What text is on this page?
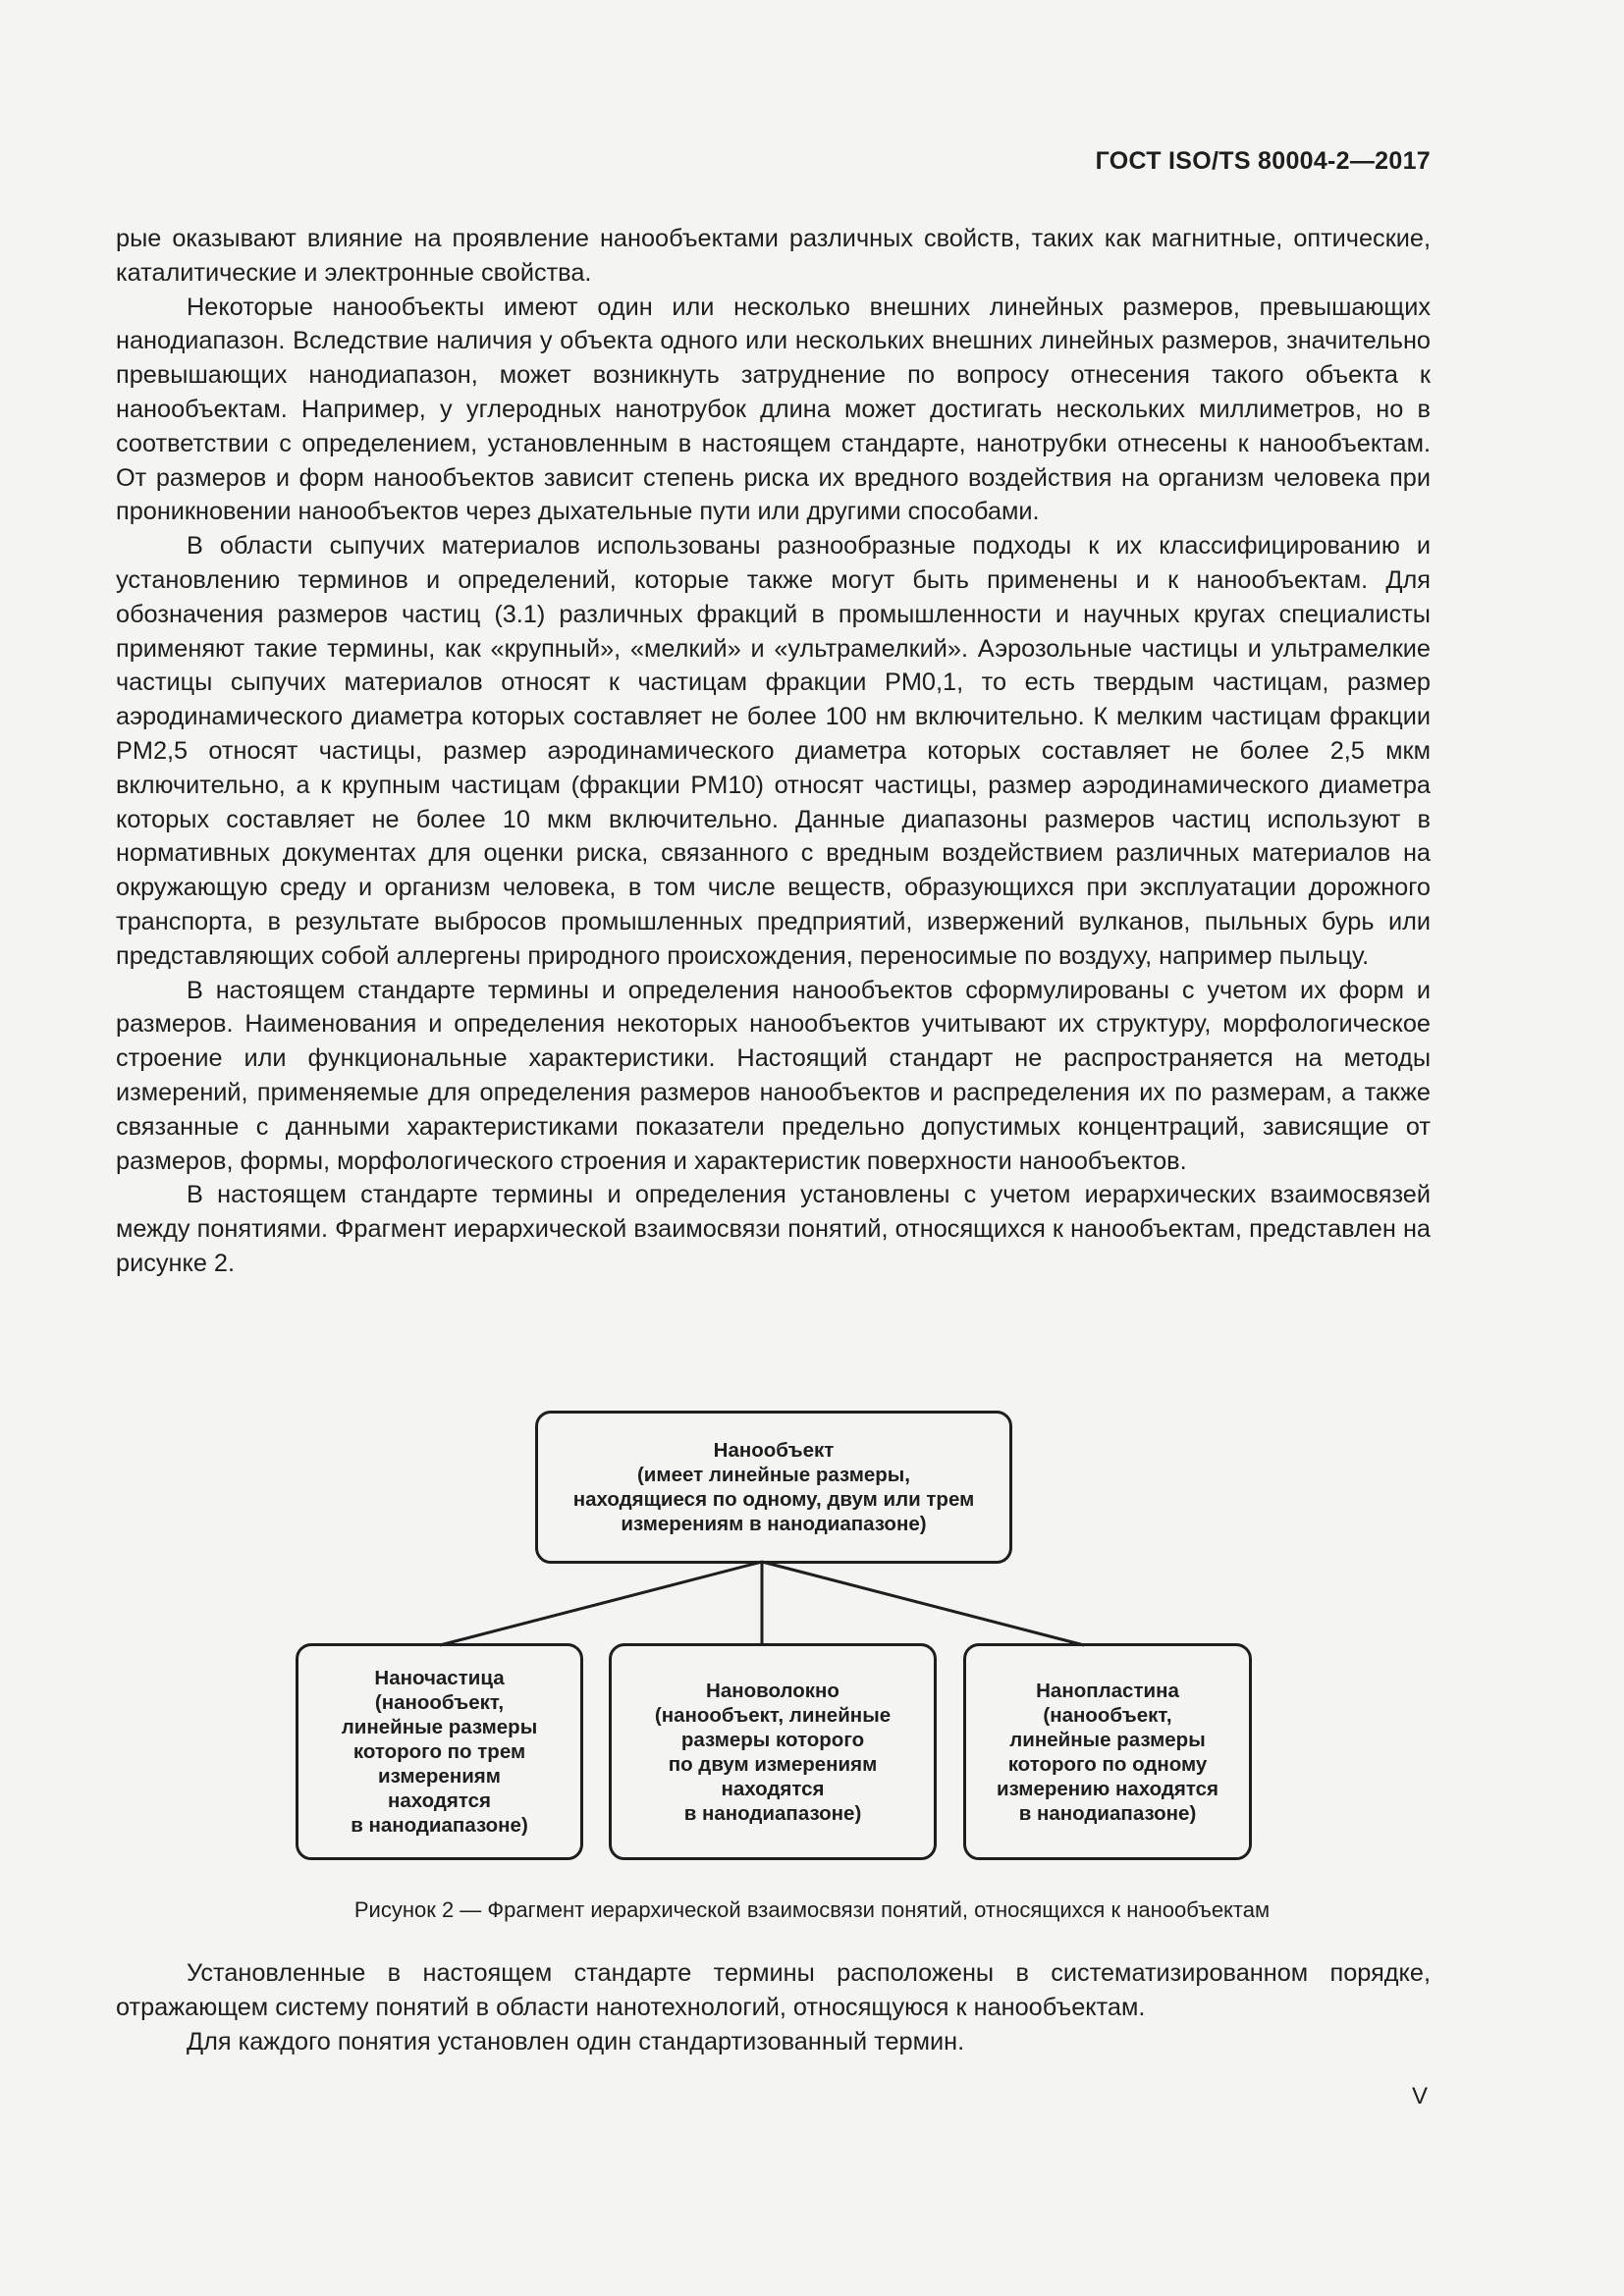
ГОСТ ISO/TS 80004-2—2017

рые оказывают влияние на проявление нанообъектами различных свойств, таких как магнитные, оптические, каталитические и электронные свойства.

Некоторые нанообъекты имеют один или несколько внешних линейных размеров, превышающих нанодиапазон. Вследствие наличия у объекта одного или нескольких внешних линейных размеров, значительно превышающих нанодиапазон, может возникнуть затруднение по вопросу отнесения такого объекта к нанообъектам. Например, у углеродных нанотрубок длина может достигать нескольких миллиметров, но в соответствии с определением, установленным в настоящем стандарте, нанотрубки отнесены к нанообъектам. От размеров и форм нанообъектов зависит степень риска их вредного воздействия на организм человека при проникновении нанообъектов через дыхательные пути или другими способами.

В области сыпучих материалов использованы разнообразные подходы к их классифицированию и установлению терминов и определений, которые также могут быть применены и к нанообъектам. Для обозначения размеров частиц (3.1) различных фракций в промышленности и научных кругах специалисты применяют такие термины, как «крупный», «мелкий» и «ультрамелкий». Аэрозольные частицы и ультрамелкие частицы сыпучих материалов относят к частицам фракции PM0,1, то есть твердым частицам, размер аэродинамического диаметра которых составляет не более 100 нм включительно. К мелким частицам фракции PM2,5 относят частицы, размер аэродинамического диаметра которых составляет не более 2,5 мкм включительно, а к крупным частицам (фракции PM10) относят частицы, размер аэродинамического диаметра которых составляет не более 10 мкм включительно. Данные диапазоны размеров частиц используют в нормативных документах для оценки риска, связанного с вредным воздействием различных материалов на окружающую среду и организм человека, в том числе веществ, образующихся при эксплуатации дорожного транспорта, в результате выбросов промышленных предприятий, извержений вулканов, пыльных бурь или представляющих собой аллергены природного происхождения, переносимые по воздуху, например пыльцу.

В настоящем стандарте термины и определения нанообъектов сформулированы с учетом их форм и размеров. Наименования и определения некоторых нанообъектов учитывают их структуру, морфологическое строение или функциональные характеристики. Настоящий стандарт не распространяется на методы измерений, применяемые для определения размеров нанообъектов и распределения их по размерам, а также связанные с данными характеристиками показатели предельно допустимых концентраций, зависящие от размеров, формы, морфологического строения и характеристик поверхности нанообъектов.

В настоящем стандарте термины и определения установлены с учетом иерархических взаимосвязей между понятиями. Фрагмент иерархической взаимосвязи понятий, относящихся к нанообъектам, представлен на рисунке 2.

Нанообъект
(имеет линейные размеры,
находящиеся по одному, двум или трем
измерениям в нанодиапазоне)
Наночастица
(нанообъект,
линейные размеры
которого по трем
измерениям
находятся
в нанодиапазоне)
Нановолокно
(нанообъект, линейные
размеры которого
по двум измерениям
находятся
в нанодиапазоне)
Нанопластина
(нанообъект,
линейные размеры
которого по одному
измерению находятся
в нанодиапазоне)
Рисунок 2 — Фрагмент иерархической взаимосвязи понятий, относящихся к нанообъектам

Установленные в настоящем стандарте термины расположены в систематизированном порядке, отражающем систему понятий в области нанотехнологий, относящуюся к нанообъектам.

Для каждого понятия установлен один стандартизованный термин.

V
